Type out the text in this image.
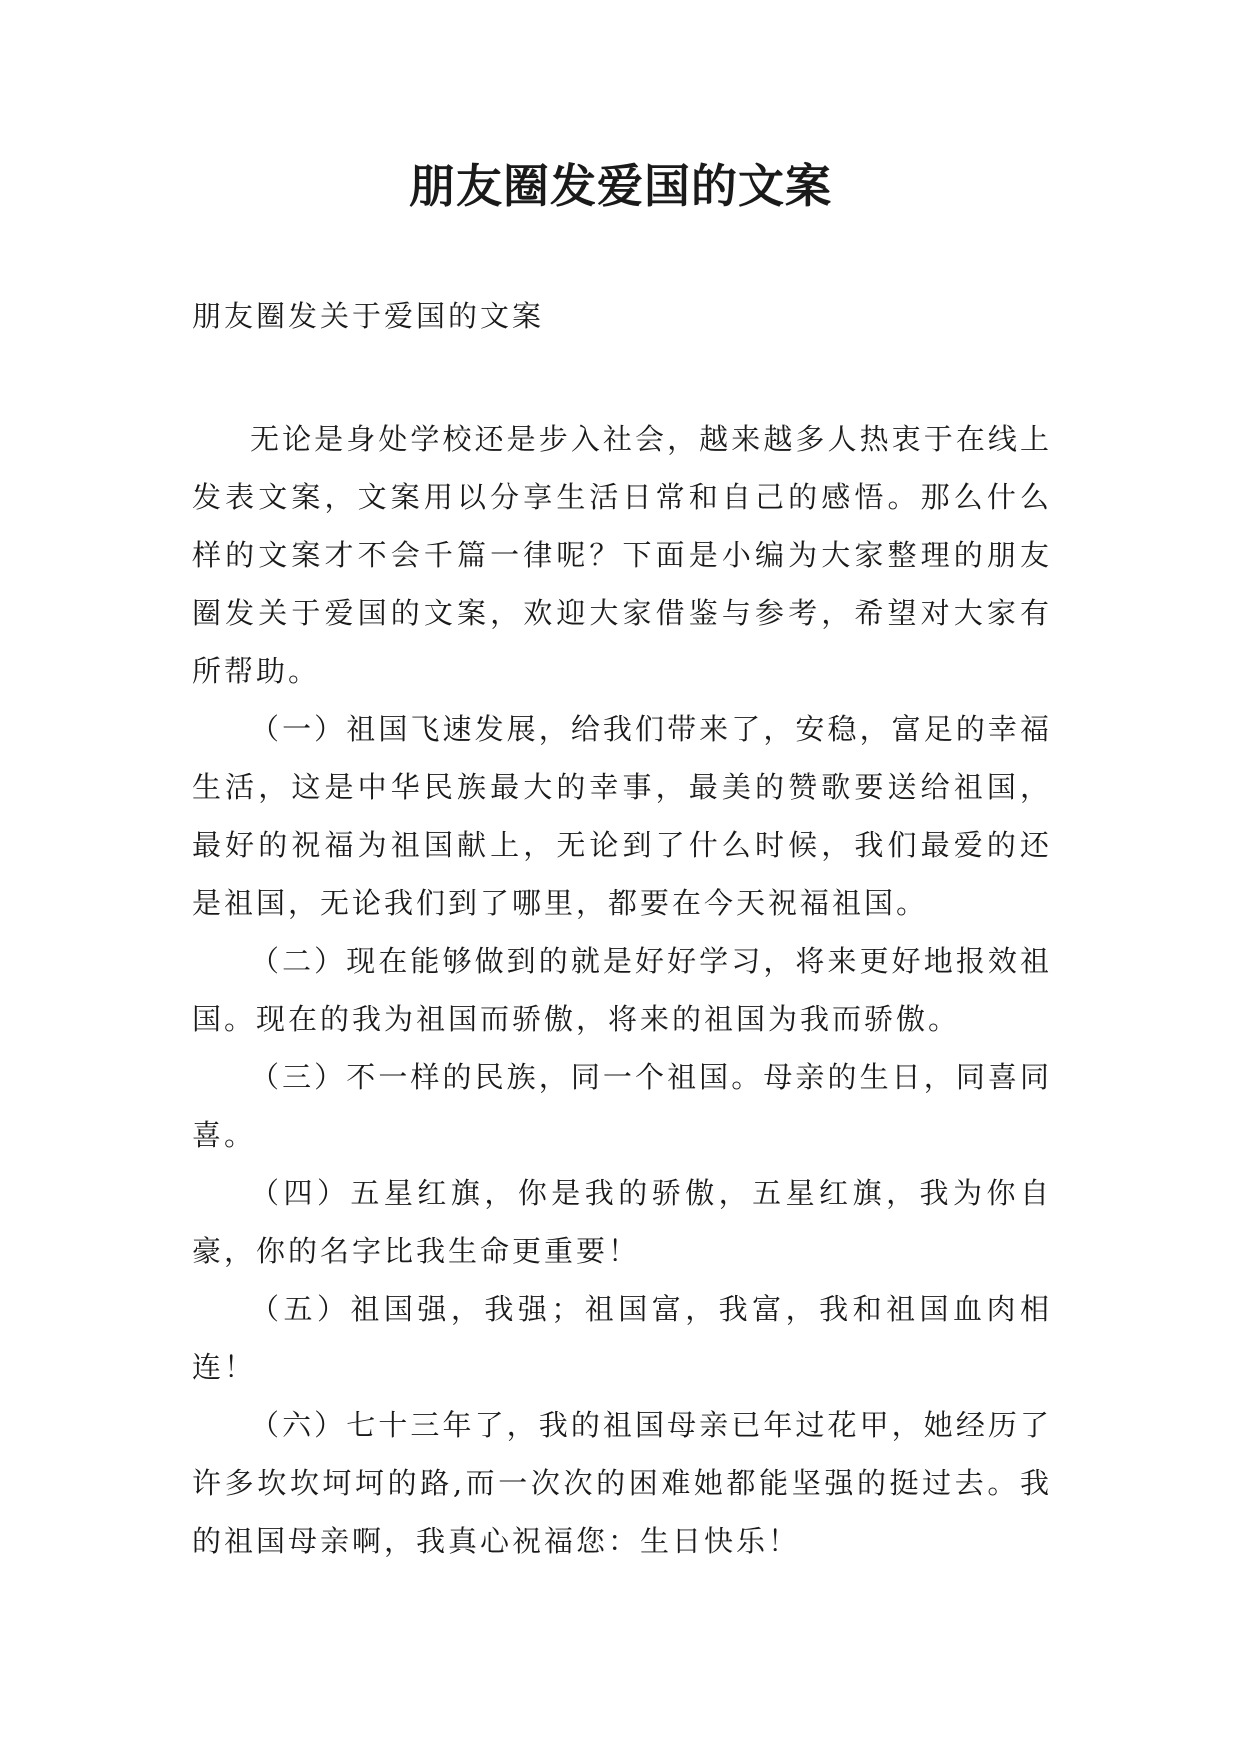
朋友圈发爱国的文案

朋友圈发关于爱国的文案

无论是身处学校还是步入社会，越来越多人热衷于在线上发表文案，文案用以分享生活日常和自己的感悟。那么什么样的文案才不会千篇一律呢？下面是小编为大家整理的朋友圈发关于爱国的文案，欢迎大家借鉴与参考，希望对大家有所帮助。

（一）祖国飞速发展，给我们带来了，安稳，富足的幸福生活，这是中华民族最大的幸事，最美的赞歌要送给祖国，最好的祝福为祖国献上，无论到了什么时候，我们最爱的还是祖国，无论我们到了哪里，都要在今天祝福祖国。

（二）现在能够做到的就是好好学习，将来更好地报效祖国。现在的我为祖国而骄傲，将来的祖国为我而骄傲。

（三）不一样的民族，同一个祖国。母亲的生日，同喜同喜。

（四）五星红旗，你是我的骄傲，五星红旗，我为你自豪，你的名字比我生命更重要！

（五）祖国强，我强；祖国富，我富，我和祖国血肉相连！

（六）七十三年了，我的祖国母亲已年过花甲，她经历了许多坎坎坷坷的路,而一次次的困难她都能坚强的挺过去。我的祖国母亲啊，我真心祝福您：生日快乐！
